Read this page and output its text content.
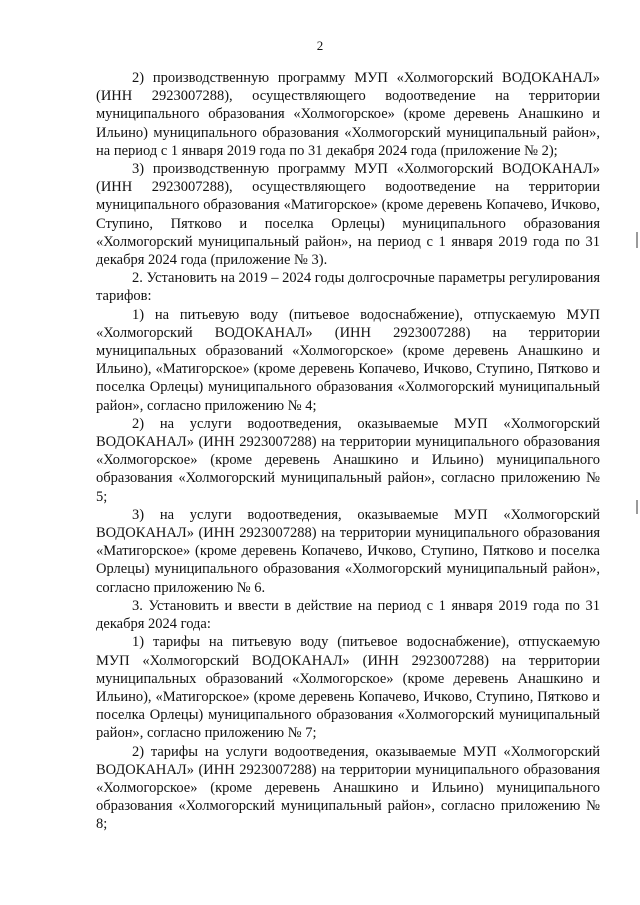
2

2) производственную программу МУП «Холмогорский ВОДОКАНАЛ» (ИНН 2923007288), осуществляющего водоотведение на территории муниципального образования «Холмогорское» (кроме деревень Анашкино и Ильино) муниципального образования «Холмогорский муниципальный район», на период с 1 января 2019 года по 31 декабря 2024 года (приложение № 2);

3) производственную программу МУП «Холмогорский ВОДОКАНАЛ» (ИНН 2923007288), осуществляющего водоотведение на территории муниципального образования «Матигорское» (кроме деревень Копачево, Ичково, Ступино, Пятково и поселка Орлецы) муниципального образования «Холмогорский муниципальный район», на период с 1 января 2019 года по 31 декабря 2024 года (приложение № 3).

2. Установить на 2019 – 2024 годы долгосрочные параметры регулирования тарифов:

1) на питьевую воду (питьевое водоснабжение), отпускаемую МУП «Холмогорский ВОДОКАНАЛ» (ИНН 2923007288) на территории муниципальных образований «Холмогорское» (кроме деревень Анашкино и Ильино), «Матигорское» (кроме деревень Копачево, Ичково, Ступино, Пятково и поселка Орлецы) муниципального образования «Холмогорский муниципальный район», согласно приложению № 4;

2) на услуги водоотведения, оказываемые МУП «Холмогорский ВОДОКАНАЛ» (ИНН 2923007288) на территории муниципального образования «Холмогорское» (кроме деревень Анашкино и Ильино) муниципального образования «Холмогорский муниципальный район», согласно приложению № 5;

3) на услуги водоотведения, оказываемые МУП «Холмогорский ВОДОКАНАЛ» (ИНН 2923007288) на территории муниципального образования «Матигорское» (кроме деревень Копачево, Ичково, Ступино, Пятково и поселка Орлецы) муниципального образования «Холмогорский муниципальный район», согласно приложению № 6.

3. Установить и ввести в действие на период с 1 января 2019 года по 31 декабря 2024 года:

1) тарифы на питьевую воду (питьевое водоснабжение), отпускаемую МУП «Холмогорский ВОДОКАНАЛ» (ИНН 2923007288) на территории муниципальных образований «Холмогорское» (кроме деревень Анашкино и Ильино), «Матигорское» (кроме деревень Копачево, Ичково, Ступино, Пятково и поселка Орлецы) муниципального образования «Холмогорский муниципальный район», согласно приложению № 7;

2) тарифы на услуги водоотведения, оказываемые МУП «Холмогорский ВОДОКАНАЛ» (ИНН 2923007288) на территории муниципального образования «Холмогорское» (кроме деревень Анашкино и Ильино) муниципального образования «Холмогорский муниципальный район», согласно приложению № 8;
